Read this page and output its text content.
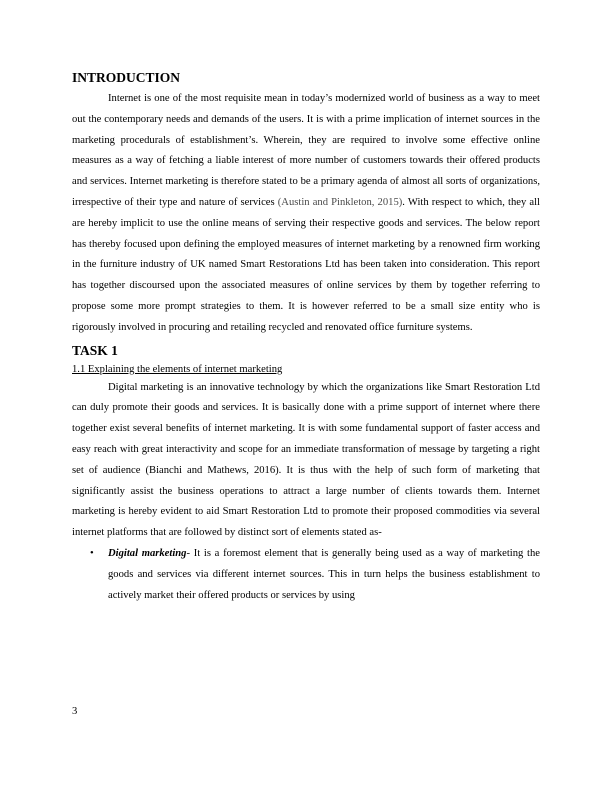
INTRODUCTION

Internet is one of the most requisite mean in today’s modernized world of business as a way to meet out the contemporary needs and demands of the users. It is with a prime implication of internet sources in the marketing procedurals of establishment’s. Wherein, they are required to involve some effective online measures as a way of fetching a liable interest of more number of customers towards their offered products and services. Internet marketing is therefore stated to be a primary agenda of almost all sorts of organizations, irrespective of their type and nature of services (Austin and Pinkleton, 2015). With respect to which, they all are hereby implicit to use the online means of serving their respective goods and services. The below report has thereby focused upon defining the employed measures of internet marketing by a renowned firm working in the furniture industry of UK named Smart Restorations Ltd has been taken into consideration. This report has together discoursed upon the associated measures of online services by them by together referring to propose some more prompt strategies to them. It is however referred to be a small size entity who is rigorously involved in procuring and retailing recycled and renovated office furniture systems.

TASK 1
1.1 Explaining the elements of internet marketing

Digital marketing is an innovative technology by which the organizations like Smart Restoration Ltd can duly promote their goods and services. It is basically done with a prime support of internet where there together exist several benefits of internet marketing. It is with some fundamental support of faster access and easy reach with great interactivity and scope for an immediate transformation of message by targeting a right set of audience (Bianchi and Mathews, 2016). It is thus with the help of such form of marketing that significantly assist the business operations to attract a large number of clients towards them. Internet marketing is hereby evident to aid Smart Restoration Ltd to promote their proposed commodities via several internet platforms that are followed by distinct sort of elements stated as-

• Digital marketing- It is a foremost element that is generally being used as a way of marketing the goods and services via different internet sources. This in turn helps the business establishment to actively market their offered products or services by using
3
